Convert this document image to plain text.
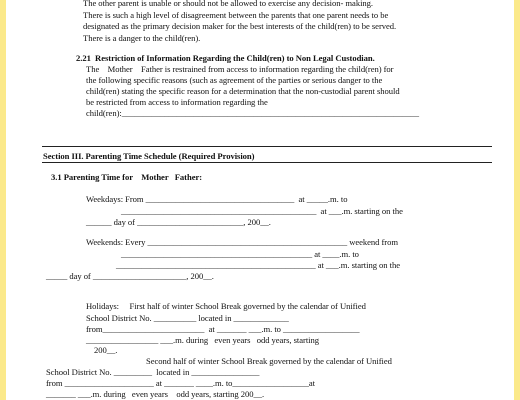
The other parent is unable or should not be allowed to exercise any decision- making.
There is such a high level of disagreement between the parents that one parent needs to be
designated as the primary decision maker for the best interests of the child(ren) to be served.
There is a danger to the child(ren).
2.21  Restriction of Information Regarding the Child(ren) to Non Legal Custodian.
The    Mother    Father is restrained from access to information regarding the child(ren) for
the following specific reasons (such as agreement of the parties or serious danger to the
child(ren) stating the specific reason for a determination that the non-custodial parent should
be restricted from access to information regarding the
child(ren):______________________________________________________________________
Section III. Parenting Time Schedule (Required Provision)
3.1 Parenting Time for    Mother   Father:
Weekdays: From ___________________________________  at _____.m. to
______________________________________________  at ___.m. starting on the
______ day of _________________________, 200__.
Weekends: Every _______________________________________________ weekend from
_____________________________________________ at ____.m. to
_______________________________________________ at ___.m. starting on the
_____ day of ______________________, 200__.
Holidays:     First half of winter School Break governed by the calendar of Unified
School District No. __________ located in _____________
from________________________  at _______ ___.m. to __________________
_________________ ___.m. during   even years   odd years, starting
200__.
Second half of winter School Break governed by the calendar of Unified
School District No. _________  located in ________________
from _____________________ at _______ ____.m. to__________________at
_______ ___.m. during   even years    odd years, starting 200__.
